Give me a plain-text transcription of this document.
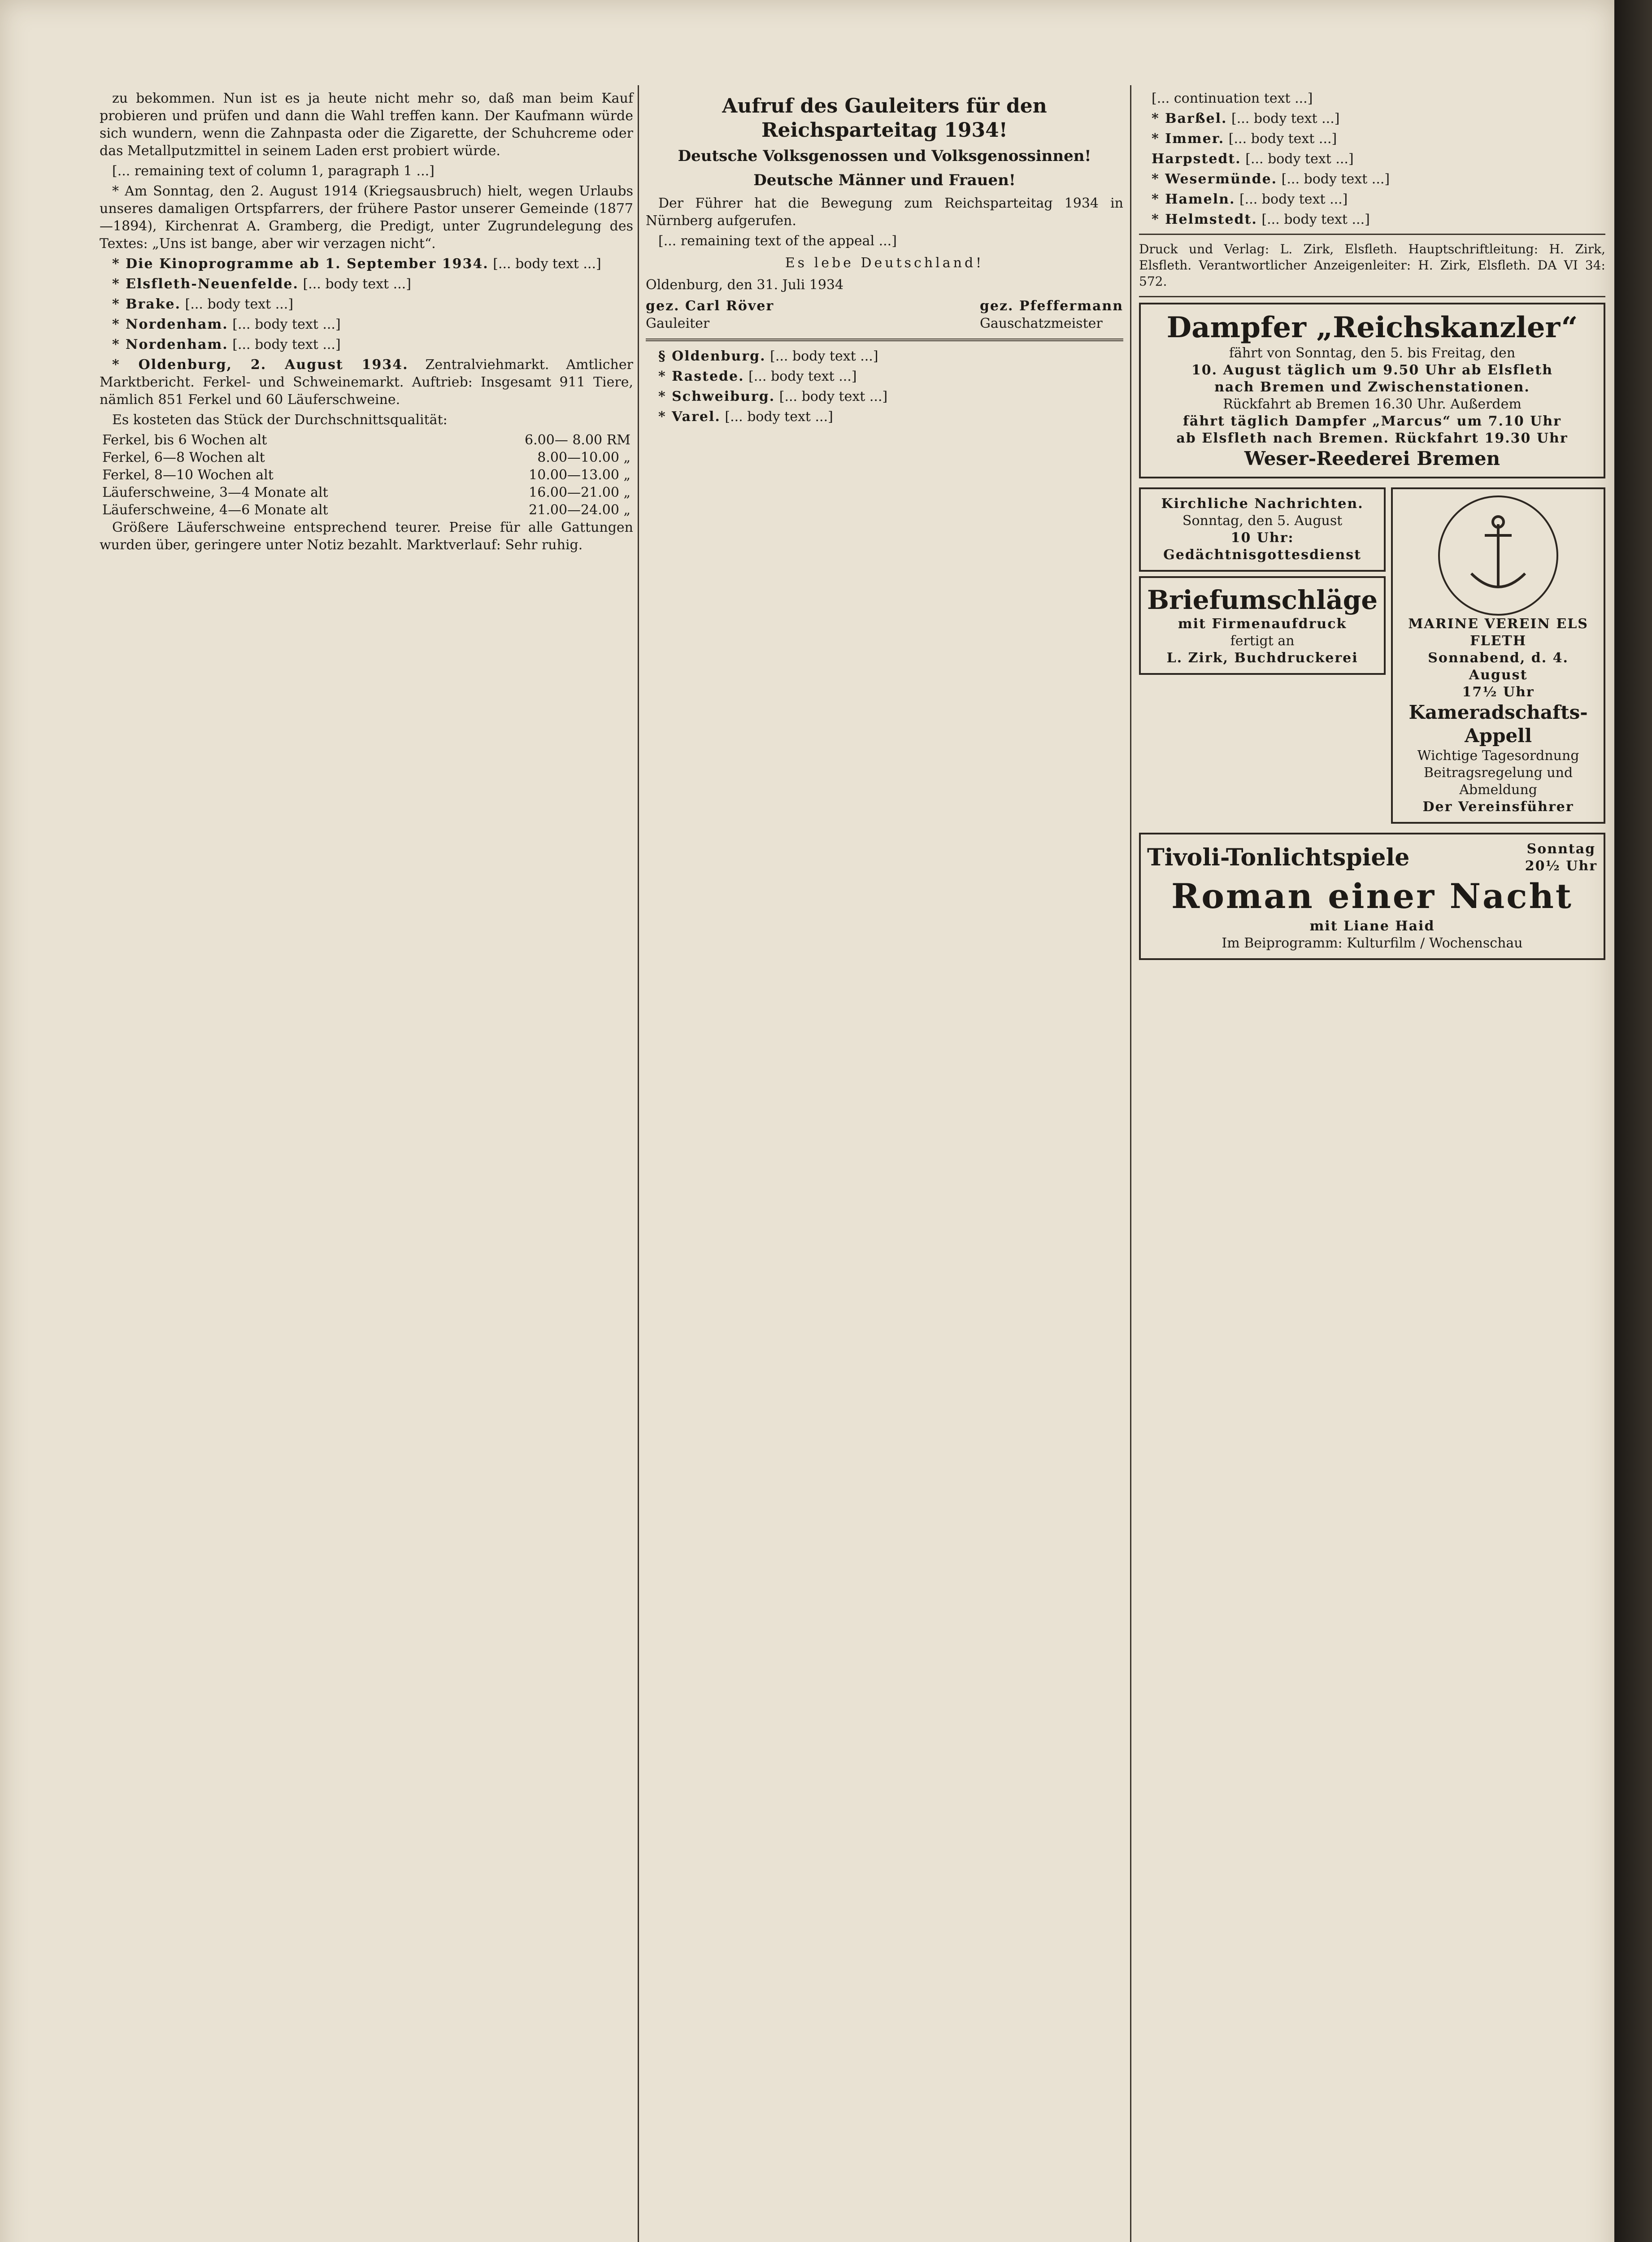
zu bekommen. Nun ist es ja heute nicht mehr so, daß man beim Kauf probieren und prüfen und dann die Wahl treffen kann. Der Kaufmann würde sich wundern, wenn die Zahnpasta oder die Zigarette, der Schuhcreme oder das Metallputzmittel in seinem Laden erst probiert würde.

[... remaining text of column 1, paragraph 1 ...]

* Am Sonntag, den 2. August 1914 (Kriegsausbruch) hielt, wegen Urlaubs unseres damaligen Ortspfarrers, der frühere Pastor unserer Gemeinde (1877—1894), Kirchenrat A. Gramberg, die Predigt, unter Zugrundelegung des Textes: „Uns ist bange, aber wir verzagen nicht“.

* Die Kinoprogramme ab 1. September 1934. [... body text ...]

* Elsfleth-Neuenfelde. [... body text ...]

* Brake. [... body text ...]

* Nordenham. [... body text ...]

* Nordenham. [... body text ...]

* Oldenburg, 2. August 1934. Zentralviehmarkt. Amtlicher Marktbericht. Ferkel- und Schweinemarkt. Auftrieb: Insgesamt 911 Tiere, nämlich 851 Ferkel und 60 Läuferschweine.

Es kosteten das Stück der Durchschnittsqualität:

Ferkel, bis 6 Wochen alt	6.00— 8.00 RM
Ferkel, 6—8 Wochen alt	8.00—10.00 „
Ferkel, 8—10 Wochen alt	10.00—13.00 „
Läuferschweine, 3—4 Monate alt	16.00—21.00 „
Läuferschweine, 4—6 Monate alt	21.00—24.00 „

Größere Läuferschweine entsprechend teurer. Preise für alle Gattungen wurden über, geringere unter Notiz bezahlt. Marktverlauf: Sehr ruhig.

Aufruf des Gauleiters für den Reichsparteitag 1934!
Deutsche Volksgenossen und Volksgenossinnen!
Deutsche Männer und Frauen!

Der Führer hat die Bewegung zum Reichsparteitag 1934 in Nürnberg aufgerufen.

[... remaining text of the appeal ...]

Es lebe Deutschland!
Oldenburg, den 31. Juli 1934
gez. Carl Röver
Gauleiter
gez. Pfeffermann
Gauschatzmeister

§ Oldenburg. [... body text ...]

* Rastede. [... body text ...]

* Schweiburg. [... body text ...]

* Varel. [... body text ...]

[... continuation text ...]

* Barßel. [... body text ...]

* Immer. [... body text ...]

Harpstedt. [... body text ...]

* Wesermünde. [... body text ...]

* Hameln. [... body text ...]

* Helmstedt. [... body text ...]

Druck und Verlag: L. Zirk, Elsfleth. Hauptschriftleitung: H. Zirk, Elsfleth. Verantwortlicher Anzeigenleiter: H. Zirk, Elsfleth. DA VI 34: 572.
Dampfer „Reichskanzler“
fährt von Sonntag, den 5. bis Freitag, den
10. August täglich um 9.50 Uhr ab Elsfleth
nach Bremen und Zwischenstationen.
Rückfahrt ab Bremen 16.30 Uhr. Außerdem
fährt täglich Dampfer „Marcus“ um 7.10 Uhr
ab Elsfleth nach Bremen. Rückfahrt 19.30 Uhr
Weser-Reederei Bremen
Kirchliche Nachrichten.
Sonntag, den 5. August
10 Uhr: Gedächtnisgottesdienst
Briefumschläge
mit Firmenaufdruck
fertigt an
L. Zirk, Buchdruckerei
MARINE VEREIN ELS FLETH
Sonnabend, d. 4. August
17½ Uhr
Kameradschafts-
Appell
Wichtige Tagesordnung
Beitragsregelung und Abmeldung
Der Vereinsführer
Tivoli-Tonlichtspiele	Sonntag
20½ Uhr
Roman einer Nacht
mit Liane Haid
Im Beiprogramm: Kulturfilm / Wochenschau
